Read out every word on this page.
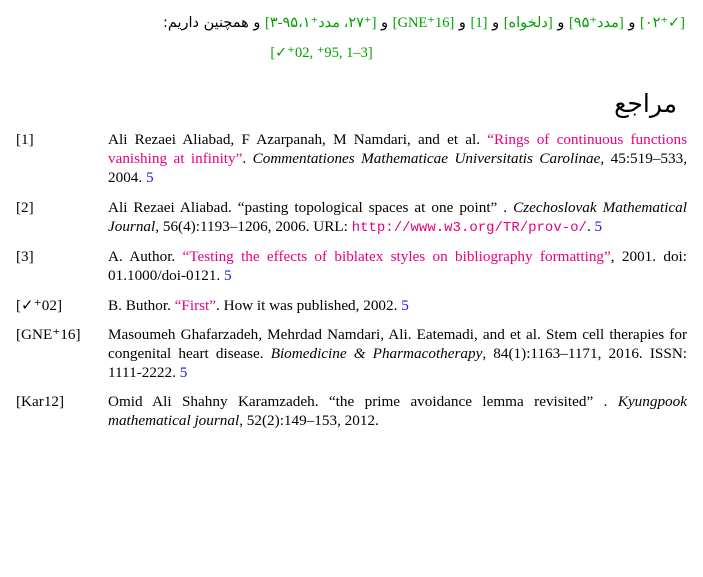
[✓⁺۰۲] و [مدد⁺۹۵] و [دلخواه] و [1] و [GNE⁺16] و [⁺۲۷، مدد⁺۹۵،۱-۳] و همچنین داریم:
[✓⁺02, ⁺95, 1–3]
مراجع
[1]	Ali Rezaei Aliabad, F Azarpanah, M Namdari, and et al. “Rings of continuous functions vanishing at infinity”. Commentationes Mathematicae Universitatis Carolinae, 45:519–533, 2004. 5
[2]	Ali Rezaei Aliabad. “pasting topological spaces at one point” . Czechoslovak Mathematical Journal, 56(4):1193–1206, 2006. URL: http://www.w3.org/TR/prov-o/. 5
[3]	A. Author. “Testing the effects of biblatex styles on bibliography formatting”, 2001. doi: 01.1000/doi-0121. 5
[✓⁺02]	B. Buthor. “First”. How it was published, 2002. 5
[GNE⁺16]	Masoumeh Ghafarzadeh, Mehrdad Namdari, Ali. Eatemadi, and et al. Stem cell therapies for congenital heart disease. Biomedicine & Pharmacotherapy, 84(1):1163–1171, 2016. ISSN: 1111-2222. 5
[Kar12]	Omid Ali Shahny Karamzadeh. “the prime avoidance lemma revisited” . Kyungpook mathematical journal, 52(2):149–153, 2012.
